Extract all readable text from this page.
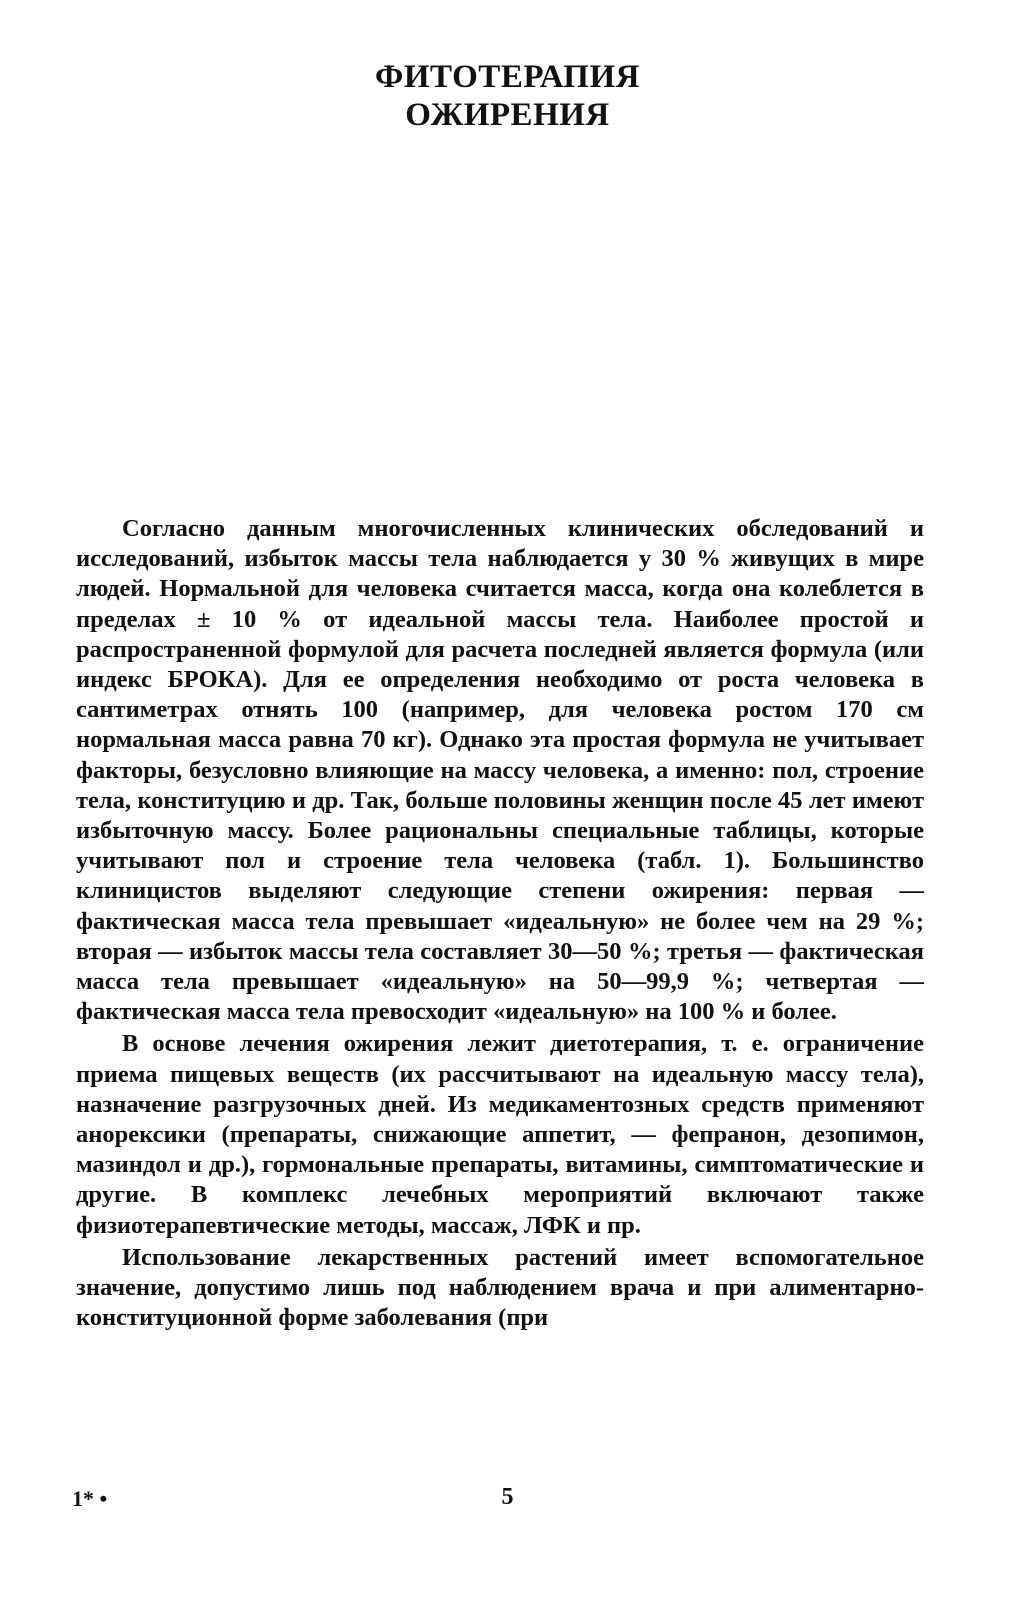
ФИТОТЕРАПИЯ
ОЖИРЕНИЯ

Согласно данным многочисленных клинических обследований и исследований, избыток массы тела наблюдается у 30 % живущих в мире людей. Нормальной для человека считается масса, когда она колеблется в пределах ± 10 % от идеальной массы тела. Наиболее простой и распространенной формулой для расчета последней является формула (или индекс БРОКА). Для ее определения необходимо от роста человека в сантиметрах отнять 100 (например, для человека ростом 170 см нормальная масса равна 70 кг). Однако эта простая формула не учитывает факторы, безусловно влияющие на массу человека, а именно: пол, строение тела, конституцию и др. Так, больше половины женщин после 45 лет имеют избыточную массу. Более рациональны специальные таблицы, которые учитывают пол и строение тела человека (табл. 1). Большинство клиницистов выделяют следующие степени ожирения: первая — фактическая масса тела превышает «идеальную» не более чем на 29 %; вторая — избыток массы тела составляет 30—50 %; третья — фактическая масса тела превышает «идеальную» на 50—99,9 %; четвертая — фактическая масса тела превосходит «идеальную» на 100 % и более.

В основе лечения ожирения лежит диетотерапия, т. е. ограничение приема пищевых веществ (их рассчитывают на идеальную массу тела), назначение разгрузочных дней. Из медикаментозных средств применяют анорексики (препараты, снижающие аппетит, — фепранон, дезопимон, мазиндол и др.), гормональные препараты, витамины, симптоматические и другие. В комплекс лечебных мероприятий включают также физиотерапевтические методы, массаж, ЛФК и пр.

Использование лекарственных растений имеет вспомогательное значение, допустимо лишь под наблюдением врача и при алиментарно-конституционной форме заболевания (при

1* •	5
